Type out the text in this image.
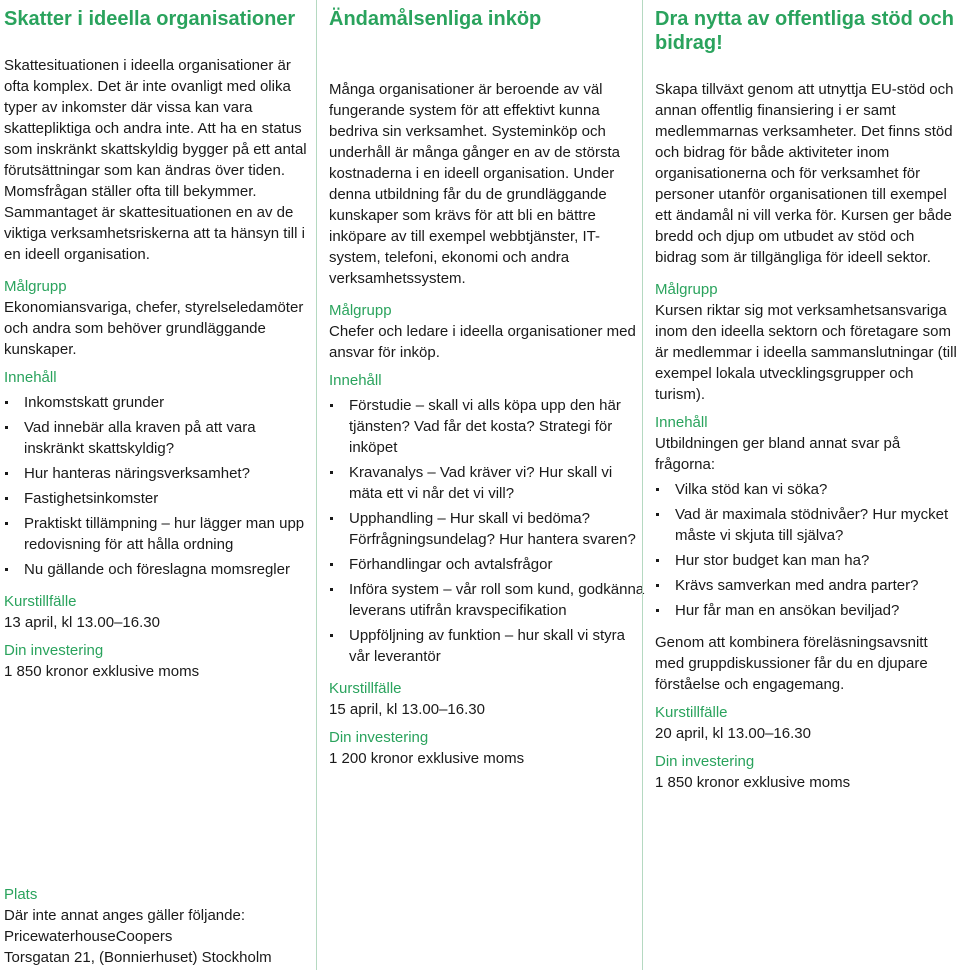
Skatter i ideella organisationer

Skattesituationen i ideella organisationer är ofta komplex. Det är inte ovanligt med olika typer av inkomster där vissa kan vara skattepliktiga och andra inte. Att ha en status som inskränkt skattskyldig bygger på ett antal förutsättningar som kan ändras över tiden. Momsfrågan ställer ofta till bekymmer. Sammantaget är skattesituationen en av de viktiga verksamhetsriskerna att ta hänsyn till i en ideell organisation.

Målgrupp

Ekonomiansvariga, chefer, styrelseledamöter och andra som behöver grundläggande kunskaper.

Innehåll

Inkomstskatt grunder
Vad innebär alla kraven på att vara inskränkt skattskyldig?
Hur hanteras näringsverksamhet?
Fastighetsinkomster
Praktiskt tillämpning – hur lägger man upp redovisning för att hålla ordning
Nu gällande och föreslagna momsregler

Kurstillfälle

13 april, kl 13.00–16.30

Din investering

1 850 kronor exklusive moms

Plats

Där inte annat anges gäller följande:

PricewaterhouseCoopers

Torsgatan 21, (Bonnierhuset) Stockholm

Ändamålsenliga inköp

Många organisationer är beroende av väl fungerande system för att effektivt kunna bedriva sin verksamhet. Systeminköp och underhåll är många gånger en av de största kostnaderna i en ideell organisation. Under denna utbildning får du de grundläggande kunskaper som krävs för att bli en bättre inköpare av till exempel webbtjänster, IT-system, telefoni, ekonomi och andra verksamhetssystem.

Målgrupp

Chefer och ledare i ideella organisationer med ansvar för inköp.

Innehåll

Förstudie – skall vi alls köpa upp den här tjänsten? Vad får det kosta? Strategi för inköpet
Kravanalys – Vad kräver vi? Hur skall vi mäta ett vi når det vi vill?
Upphandling – Hur skall vi bedöma? Förfrågningsundelag? Hur hantera svaren?
Förhandlingar och avtalsfrågor
Införa system – vår roll som kund, godkänna leverans utifrån kravspecifikation
Uppföljning av funktion – hur skall vi styra vår leverantör

Kurstillfälle

15 april, kl 13.00–16.30

Din investering

1 200 kronor exklusive moms

Dra nytta av offentliga stöd och bidrag!

Skapa tillväxt genom att utnyttja EU-stöd och annan offentlig finansiering i er samt medlemmarnas verksamheter. Det finns stöd och bidrag för både aktiviteter inom organisationerna och för verksamhet för personer utanför organisationen till exempel ett ändamål ni vill verka för. Kursen ger både bredd och djup om utbudet av stöd och bidrag som är tillgängliga för ideell sektor.

Målgrupp

Kursen riktar sig mot verksamhetsansvariga inom den ideella sektorn och företagare som är medlemmar i ideella sammanslutningar (till exempel lokala utvecklingsgrupper och turism).

Innehåll

Utbildningen ger bland annat svar på frågorna:

Vilka stöd kan vi söka?
Vad är maximala stödnivåer? Hur mycket måste vi skjuta till själva?
Hur stor budget kan man ha?
Krävs samverkan med andra parter?
Hur får man en ansökan beviljad?

Genom att kombinera föreläsningsavsnitt med gruppdiskussioner får du en djupare förståelse och engagemang.

Kurstillfälle

20 april, kl 13.00–16.30

Din investering

1 850 kronor exklusive moms
